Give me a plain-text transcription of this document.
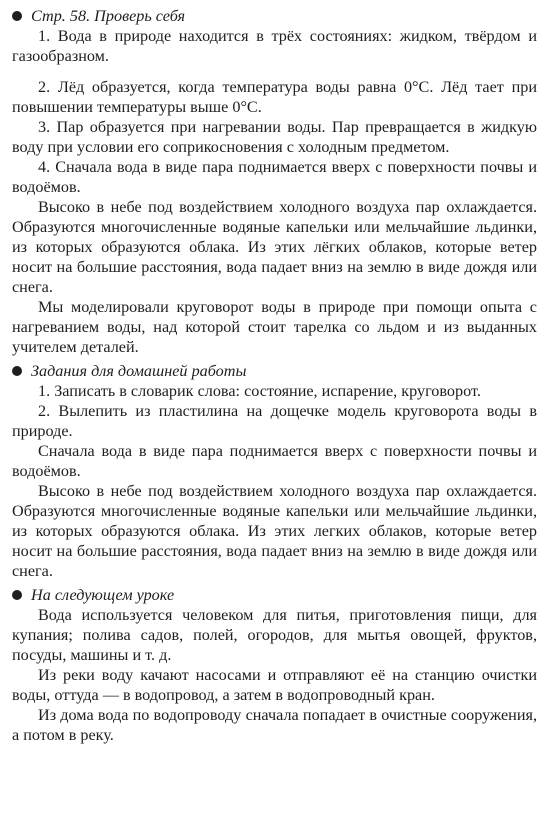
Стр. 58. Проверь себя

1. Вода в природе находится в трёх состояниях: жидком, твёрдом и газообразном.

2. Лёд образуется, когда температура воды равна 0°С. Лёд тает при повышении температуры выше 0°С.

3. Пар образуется при нагревании воды. Пар превращается в жидкую воду при условии его соприкосновения с холодным предметом.

4. Сначала вода в виде пара поднимается вверх с поверхности почвы и водоёмов.

Высоко в небе под воздействием холодного воздуха пар охлаждается. Образуются многочисленные водяные капельки или мельчайшие льдинки, из которых образуются облака. Из этих лёгких облаков, которые ветер носит на большие расстояния, вода падает вниз на землю в виде дождя или снега.

Мы моделировали круговорот воды в природе при помощи опыта с нагреванием воды, над которой стоит тарелка со льдом и из выданных учителем деталей.

Задания для домашней работы

1. Записать в словарик слова: состояние, испарение, круговорот.

2. Вылепить из пластилина на дощечке модель круговорота воды в природе.

Сначала вода в виде пара поднимается вверх с поверхности почвы и водоёмов.

Высоко в небе под воздействием холодного воздуха пар охлаждается. Образуются многочисленные водяные капельки или мельчайшие льдинки, из которых образуются облака. Из этих легких облаков, которые ветер носит на большие расстояния, вода падает вниз на землю в виде дождя или снега.

На следующем уроке

Вода используется человеком для питья, приготовления пищи, для купания; полива садов, полей, огородов, для мытья овощей, фруктов, посуды, машины и т. д.

Из реки воду качают насосами и отправляют её на станцию очистки воды, оттуда — в водопровод, а затем в водопроводный кран.

Из дома вода по водопроводу сначала попадает в очистные сооружения, а потом в реку.
